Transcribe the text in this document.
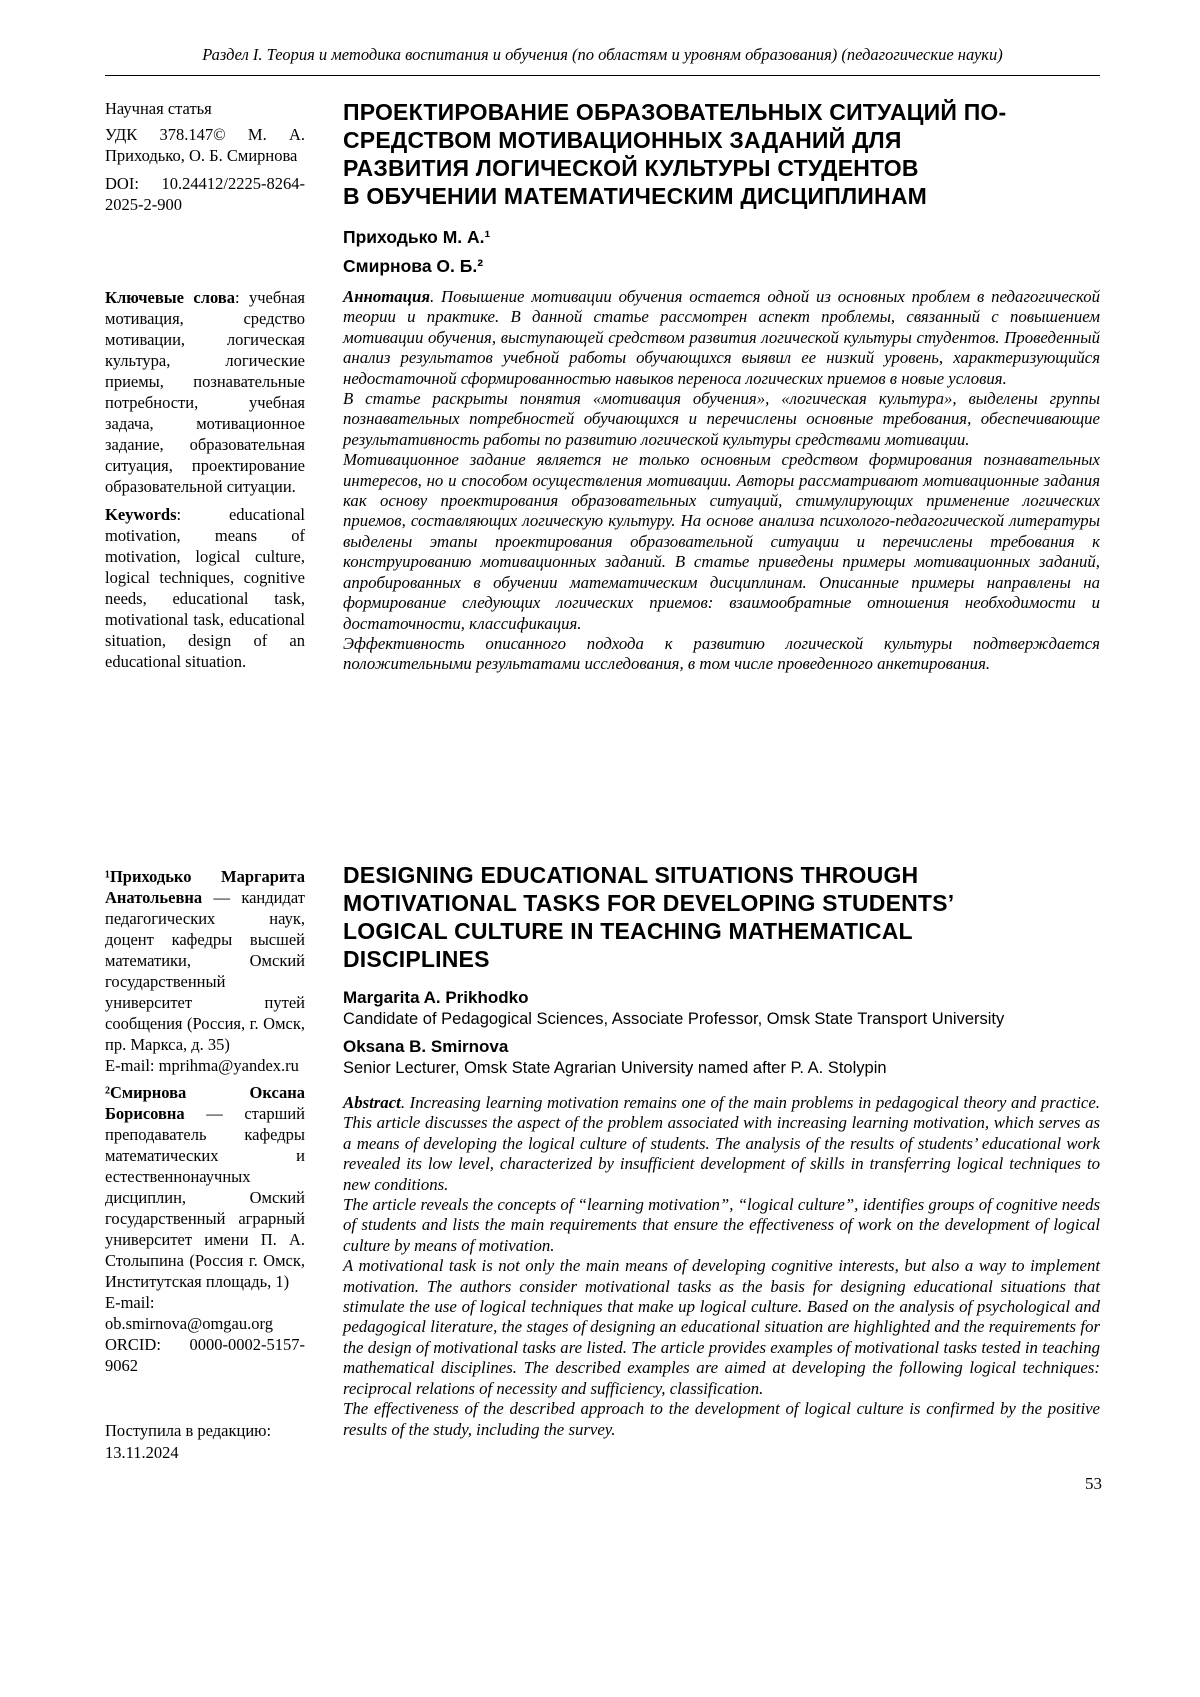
Раздел I. Теория и методика воспитания и обучения (по областям и уровням образования) (педагогические науки)

Научная статья

УДК 378.147© М. А. Приходько, О. Б. Смирнова

DOI: 10.24412/2225-8264-2025-2-900

Ключевые слова: учебная мотивация, средство мотивации, логическая культура, логические приемы, познавательные потребности, учебная задача, мотивационное задание, образовательная ситуация, проектирование образовательной ситуации.

Keywords: educational motivation, means of motivation, logical culture, logical techniques, cognitive needs, educational task, motivational task, educational situation, design of an educational situation.

ПРОЕКТИРОВАНИЕ ОБРАЗОВАТЕЛЬНЫХ СИТУАЦИЙ ПО-
СРЕДСТВОМ МОТИВАЦИОННЫХ ЗАДАНИЙ ДЛЯ
РАЗВИТИЯ ЛОГИЧЕСКОЙ КУЛЬТУРЫ СТУДЕНТОВ
В ОБУЧЕНИИ МАТЕМАТИЧЕСКИМ ДИСЦИПЛИНАМ

Приходько М. А.¹

Смирнова О. Б.²

Аннотация. Повышение мотивации обучения остается одной из основных проблем в педагогической теории и практике. В данной статье рассмотрен аспект проблемы, связанный с повышением мотивации обучения, выступающей средством развития логической культуры студентов. Проведенный анализ результатов учебной работы обучающихся выявил ее низкий уровень, характеризующийся недостаточной сформированностью навыков переноса логических приемов в новые условия.

В статье раскрыты понятия «мотивация обучения», «логическая культура», выделены группы познавательных потребностей обучающихся и перечислены основные требования, обеспечивающие результативность работы по развитию логической культуры средствами мотивации.

Мотивационное задание является не только основным средством формирования познавательных интересов, но и способом осуществления мотивации. Авторы рассматривают мотивационные задания как основу проектирования образовательных ситуаций, стимулирующих применение логических приемов, составляющих логическую культуру. На основе анализа психолого-педагогической литературы выделены этапы проектирования образовательной ситуации и перечислены требования к конструированию мотивационных заданий. В статье приведены примеры мотивационных заданий, апробированных в обучении математическим дисциплинам. Описанные примеры направлены на формирование следующих логических приемов: взаимообратные отношения необходимости и достаточности, классификация.

Эффективность описанного подхода к развитию логической культуры подтверждается положительными результатами исследования, в том числе проведенного анкетирования.

DESIGNING EDUCATIONAL SITUATIONS THROUGH
MOTIVATIONAL TASKS FOR DEVELOPING STUDENTS’
LOGICAL CULTURE IN TEACHING MATHEMATICAL
DISCIPLINES

Margarita A. Prikhodko

Candidate of Pedagogical Sciences, Associate Professor, Omsk State Transport University

Oksana B. Smirnova

Senior Lecturer, Omsk State Agrarian University named after P. A. Stolypin

Abstract. Increasing learning motivation remains one of the main problems in pedagogical theory and practice. This article discusses the aspect of the problem associated with increasing learning motivation, which serves as a means of developing the logical culture of students. The analysis of the results of students’ educational work revealed its low level, characterized by insufficient development of skills in transferring logical techniques to new conditions.

The article reveals the concepts of “learning motivation”, “logical culture”, identifies groups of cognitive needs of students and lists the main requirements that ensure the effectiveness of work on the development of logical culture by means of motivation.

A motivational task is not only the main means of developing cognitive interests, but also a way to implement motivation. The authors consider motivational tasks as the basis for designing educational situations that stimulate the use of logical techniques that make up logical culture. Based on the analysis of psychological and pedagogical literature, the stages of designing an educational situation are highlighted and the requirements for the design of motivational tasks are listed. The article provides examples of motivational tasks tested in teaching mathematical disciplines. The described examples are aimed at developing the following logical techniques: reciprocal relations of necessity and sufficiency, classification.

The effectiveness of the described approach to the development of logical culture is confirmed by the positive results of the study, including the survey.

¹Приходько Маргарита Анатольевна — кандидат педагогических наук, доцент кафедры высшей математики, Омский государственный университет путей сообщения (Россия, г. Омск, пр. Маркса, д. 35)
E-mail: mprihma@yandex.ru

²Смирнова Оксана Борисовна — старший преподаватель кафедры математических и естественнонаучных дисциплин, Омский государственный аграрный университет имени П. А. Столыпина (Россия г. Омск, Институтская площадь, 1)
E-mail: ob.smirnova@omgau.org
ORCID: 0000-0002-5157-9062

Поступила в редакцию:

13.11.2024

53
